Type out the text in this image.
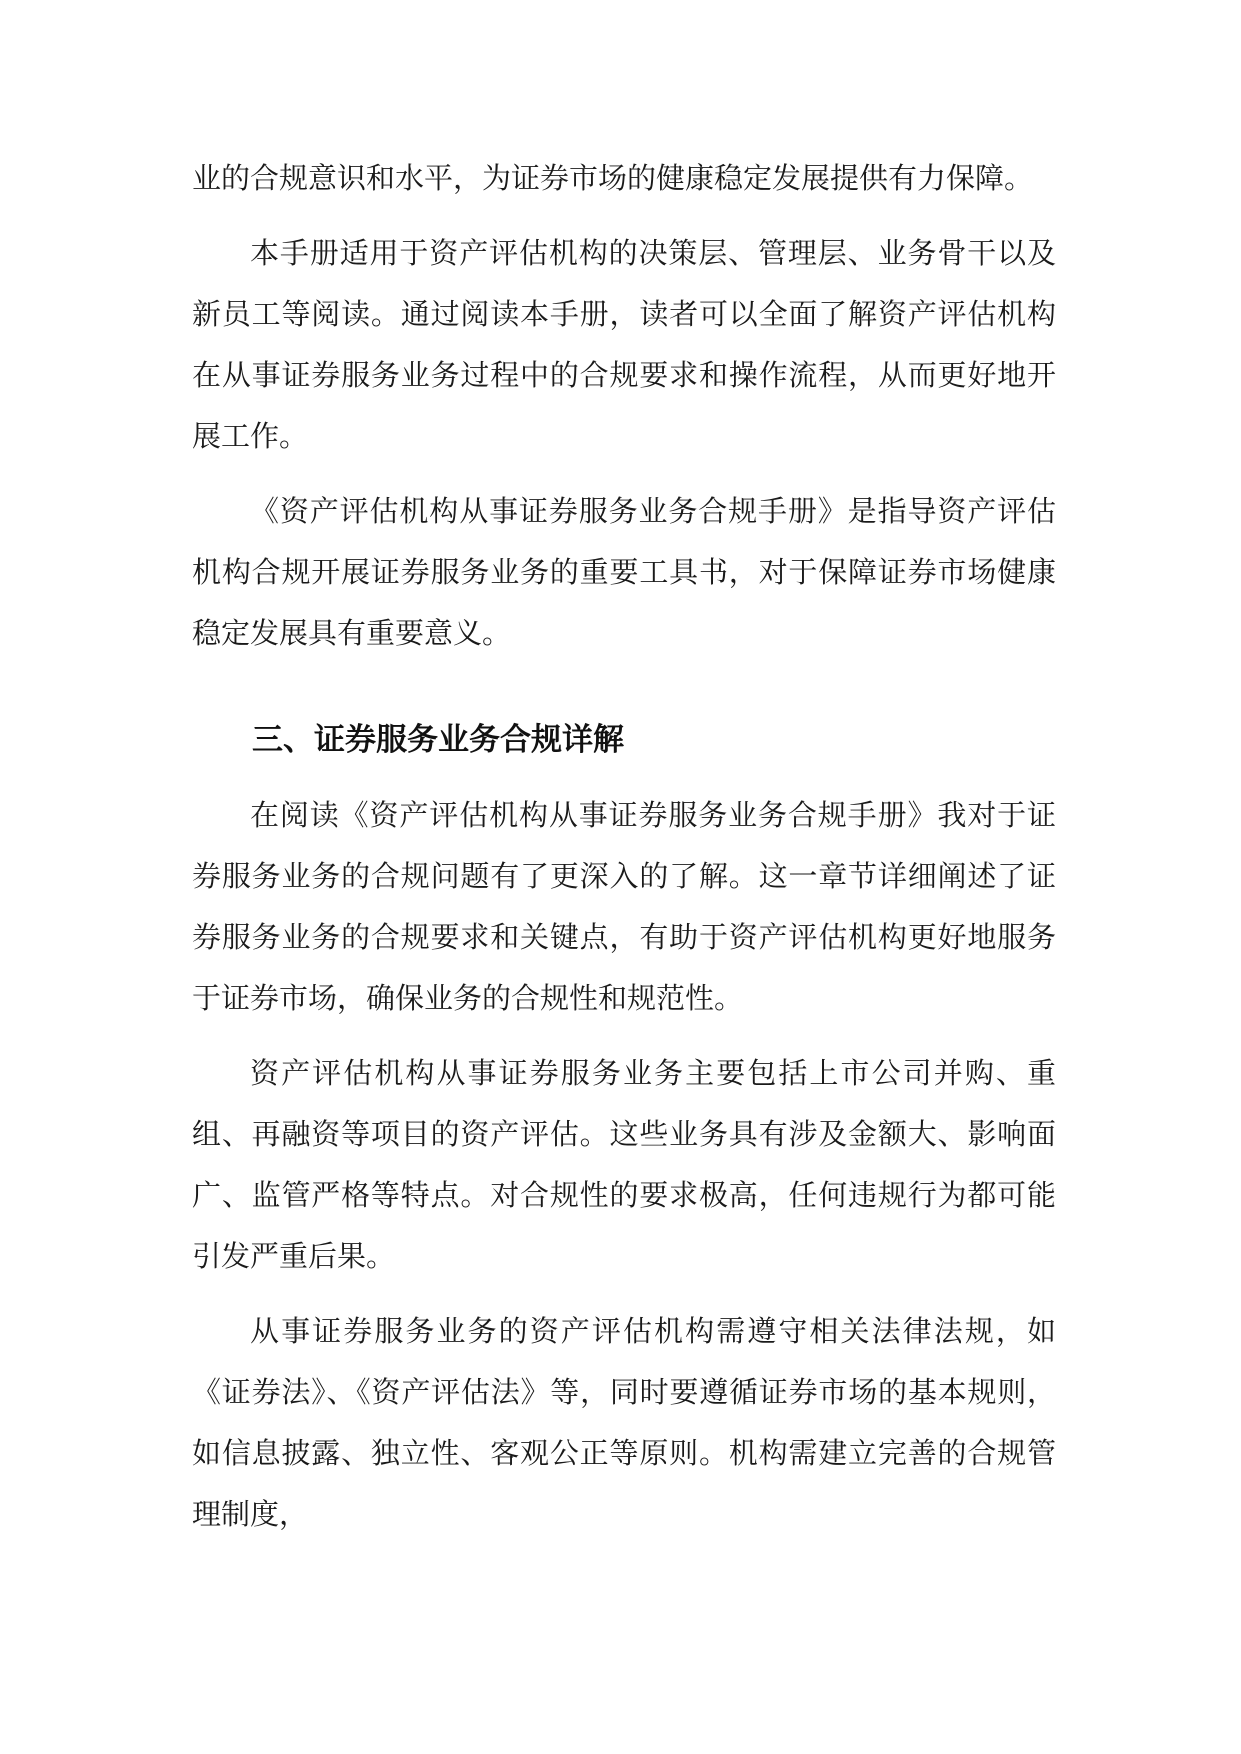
业的合规意识和水平，为证券市场的健康稳定发展提供有力保障。

本手册适用于资产评估机构的决策层、管理层、业务骨干以及新员工等阅读。通过阅读本手册，读者可以全面了解资产评估机构在从事证券服务业务过程中的合规要求和操作流程，从而更好地开展工作。

《资产评估机构从事证券服务业务合规手册》是指导资产评估机构合规开展证券服务业务的重要工具书，对于保障证券市场健康稳定发展具有重要意义。

三、证券服务业务合规详解

在阅读《资产评估机构从事证券服务业务合规手册》我对于证券服务业务的合规问题有了更深入的了解。这一章节详细阐述了证券服务业务的合规要求和关键点，有助于资产评估机构更好地服务于证券市场，确保业务的合规性和规范性。

资产评估机构从事证券服务业务主要包括上市公司并购、重组、再融资等项目的资产评估。这些业务具有涉及金额大、影响面广、监管严格等特点。对合规性的要求极高，任何违规行为都可能引发严重后果。

从事证券服务业务的资产评估机构需遵守相关法律法规，如《证券法》、《资产评估法》等，同时要遵循证券市场的基本规则，如信息披露、独立性、客观公正等原则。机构需建立完善的合规管理制度，
